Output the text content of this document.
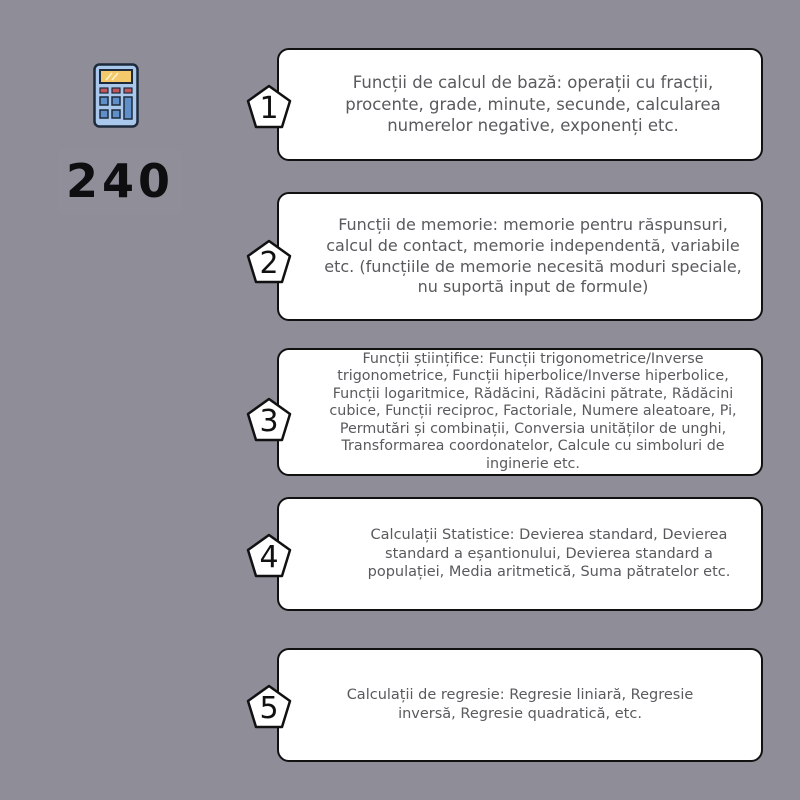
240
Funcții de calcul de bază: operații cu fracții, procente, grade, minute, secunde, calcularea numerelor negative, exponenți etc.
1
Funcții de memorie: memorie pentru răspunsuri, calcul de contact, memorie independentă, variabile etc. (funcțiile de memorie necesită moduri speciale, nu suportă input de formule)
2
Funcții științifice: Funcții trigonometrice/Inverse trigonometrice, Funcții hiperbolice/Inverse hiperbolice, Funcții logaritmice, Rădăcini, Rădăcini pătrate, Rădăcini cubice, Funcții reciproc, Factoriale, Numere aleatoare, Pi, Permutări și combinații, Conversia unităților de unghi, Transformarea coordonatelor, Calcule cu simboluri de inginerie etc.
3
Calculații Statistice: Devierea standard, Devierea standard a eșantionului, Devierea standard a populației, Media aritmetică, Suma pătratelor etc.
4
Calculații de regresie: Regresie liniară, Regresie inversă, Regresie quadratică, etc.
5
